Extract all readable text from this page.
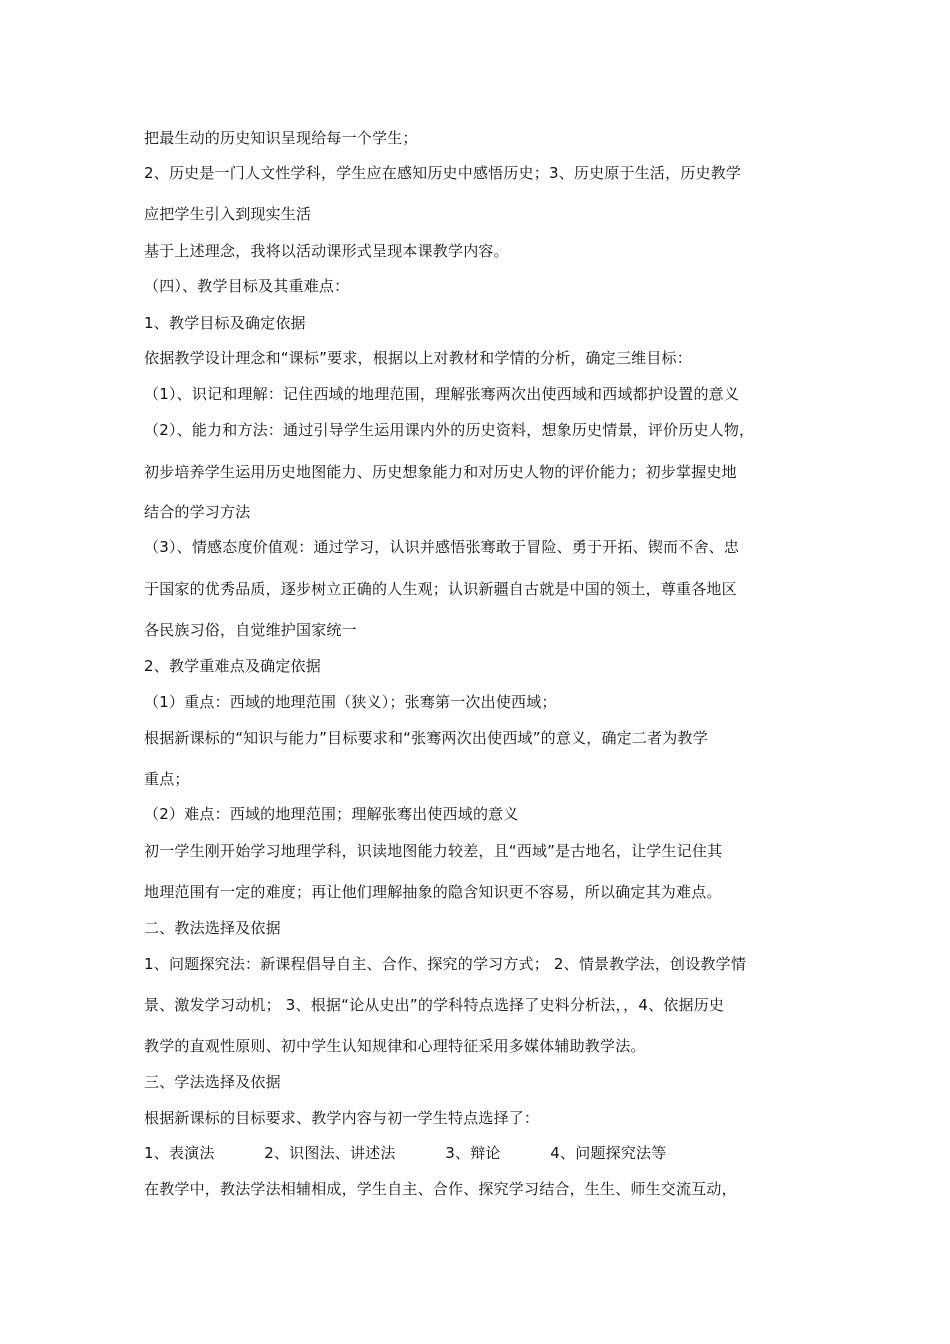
把最生动的历史知识呈现给每一个学生；
2、历史是一门人文性学科，学生应在感知历史中感悟历史；3、历史原于生活，历史教学
应把学生引入到现实生活
基于上述理念，我将以活动课形式呈现本课教学内容。
（四）、教学目标及其重难点：
1、教学目标及确定依据
依据教学设计理念和“课标”要求，根据以上对教材和学情的分析，确定三维目标：
（1）、识记和理解：记住西域的地理范围，理解张骞两次出使西域和西域都护设置的意义
（2）、能力和方法：通过引导学生运用课内外的历史资料，想象历史情景，评价历史人物，
初步培养学生运用历史地图能力、历史想象能力和对历史人物的评价能力；初步掌握史地
结合的学习方法
（3）、情感态度价值观：通过学习，认识并感悟张骞敢于冒险、勇于开拓、锲而不舍、忠
于国家的优秀品质，逐步树立正确的人生观；认识新疆自古就是中国的领土，尊重各地区
各民族习俗，自觉维护国家统一
2、教学重难点及确定依据
（1）重点：西域的地理范围（狭义）；张骞第一次出使西域；
根据新课标的“知识与能力”目标要求和“张骞两次出使西域”的意义，确定二者为教学
重点；
（2）难点：西域的地理范围；理解张骞出使西域的意义
初一学生刚开始学习地理学科，识读地图能力较差，且“西域”是古地名，让学生记住其
地理范围有一定的难度；再让他们理解抽象的隐含知识更不容易，所以确定其为难点。
二、教法选择及依据
1、问题探究法：新课程倡导自主、合作、探究的学习方式； 2、情景教学法，创设教学情
景、激发学习动机； 3、根据“论从史出”的学科特点选择了史料分析法，，4、依据历史
教学的直观性原则、初中学生认知规律和心理特征采用多媒体辅助教学法。
三、学法选择及依据
根据新课标的目标要求、教学内容与初一学生特点选择了：
1、表演法          2、识图法、讲述法          3、辩论          4、问题探究法等
在教学中，教法学法相辅相成，学生自主、合作、探究学习结合，生生、师生交流互动，
